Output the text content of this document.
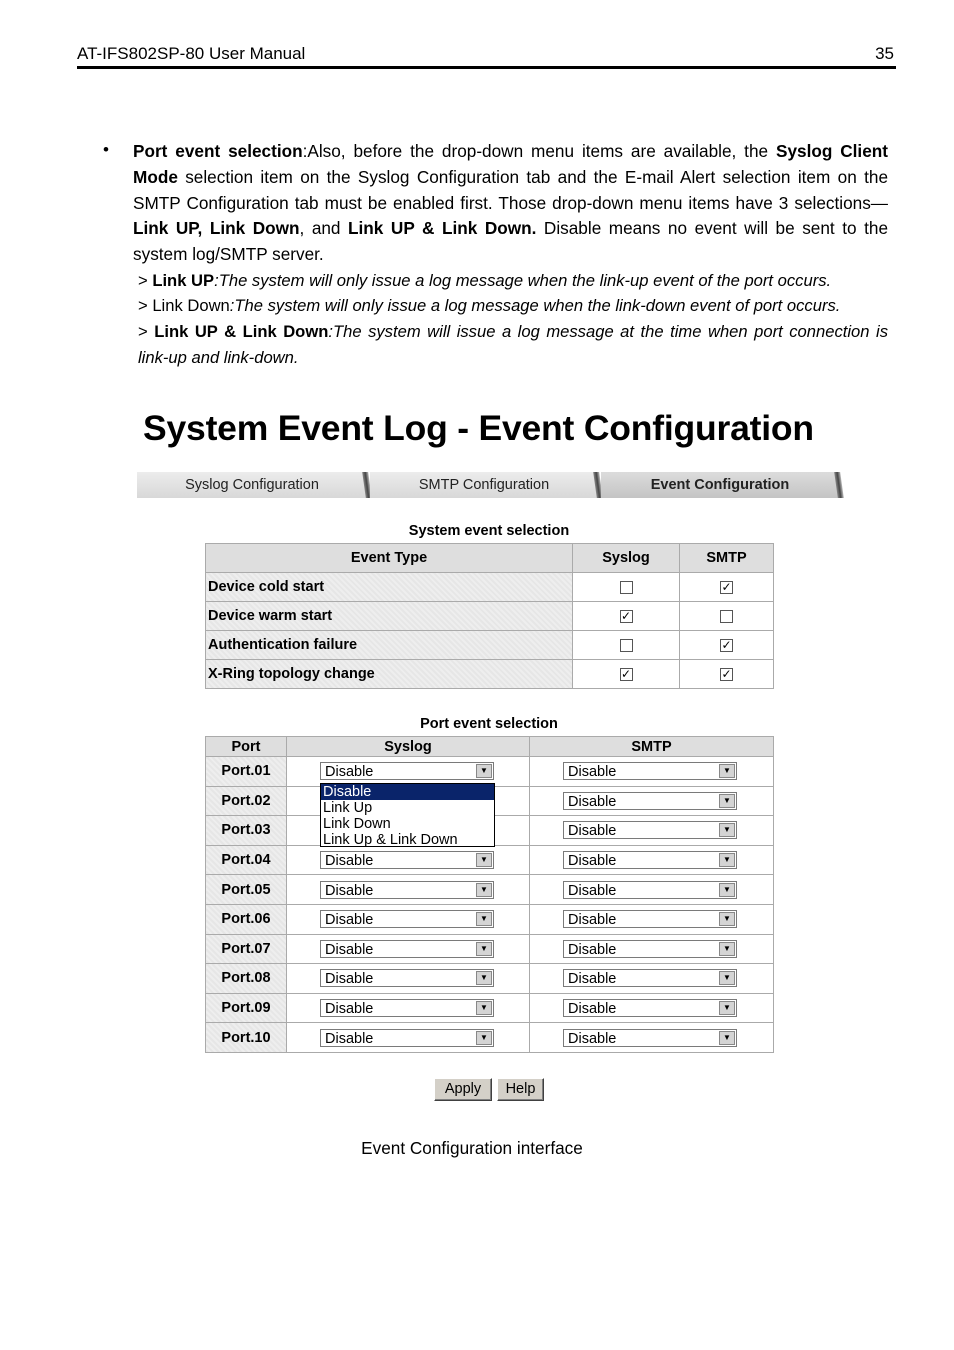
AT-IFS802SP-80 User Manual	35
• Port event selection:Also, before the drop-down menu items are available, the Syslog Client Mode selection item on the Syslog Configuration tab and the E-mail Alert selection item on the SMTP Configuration tab must be enabled first. Those drop-down menu items have 3 selections—Link UP, Link Down, and Link UP & Link Down. Disable means no event will be sent to the system log/SMTP server.
> Link UP:The system will only issue a log message when the link-up event of the port occurs.
> Link Down:The system will only issue a log message when the link-down event of port occurs.
> Link UP & Link Down:The system will issue a log message at the time when port connection is link-up and link-down.
System Event Log - Event Configuration
Syslog Configuration	SMTP Configuration	Event Configuration
System event selection
Event Type	Syslog	SMTP
Device cold start		✓
Device warm start	✓	
Authentication failure		✓
X-Ring topology change	✓	✓
Port event selection
Port	Syslog	SMTP
Port.01	Disable ▼	Disable ▼

Port.02		Disable ▼

Port.03		Disable ▼

Port.04	Disable ▼	Disable ▼

Port.05	Disable ▼	Disable ▼

Port.06	Disable ▼	Disable ▼

Port.07	Disable ▼	Disable ▼

Port.08	Disable ▼	Disable ▼

Port.09	Disable ▼	Disable ▼

Port.10	Disable ▼	Disable ▼
Disable
Link Up
Link Down
Link Up & Link Down
Apply	Help
Event Configuration interface
